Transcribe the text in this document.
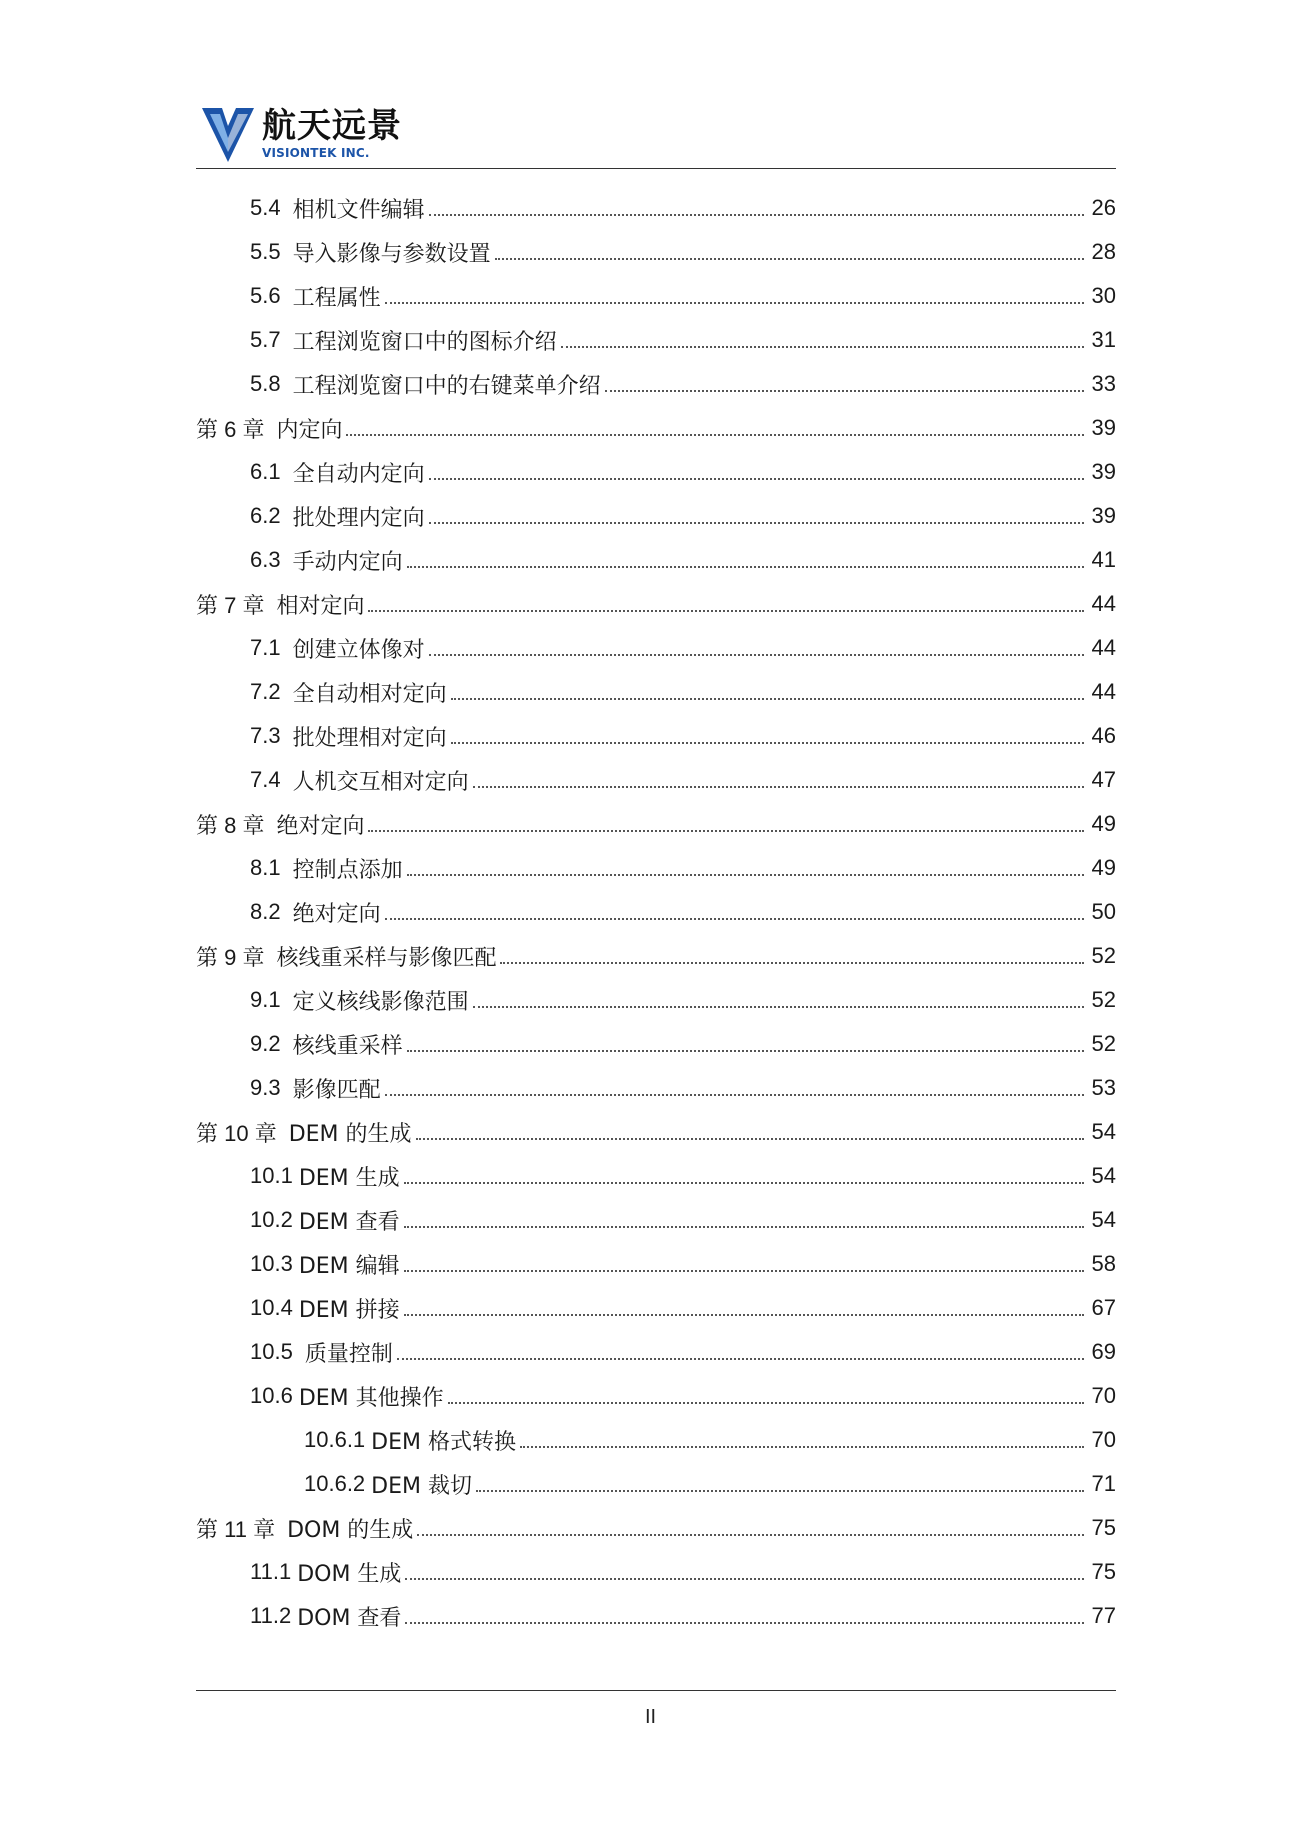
航天远景
VISIONTEK INC.
5.4 相机文件编辑	26
5.5 导入影像与参数设置	28
5.6 工程属性	30
5.7 工程浏览窗口中的图标介绍	31
5.8 工程浏览窗口中的右键菜单介绍	33
第 6 章 内定向	39
6.1 全自动内定向	39
6.2 批处理内定向	39
6.3 手动内定向	41
第 7 章 相对定向	44
7.1 创建立体像对	44
7.2 全自动相对定向	44
7.3 批处理相对定向	46
7.4 人机交互相对定向	47
第 8 章 绝对定向	49
8.1 控制点添加	49
8.2 绝对定向	50
第 9 章 核线重采样与影像匹配	52
9.1 定义核线影像范围	52
9.2 核线重采样	52
9.3 影像匹配	53
第 10 章 DEM 的生成	54
10.1 DEM 生成	54
10.2 DEM 查看	54
10.3 DEM 编辑	58
10.4 DEM 拼接	67
10.5 质量控制	69
10.6 DEM 其他操作	70
10.6.1 DEM 格式转换	70
10.6.2 DEM 裁切	71
第 11 章 DOM 的生成	75
11.1 DOM 生成	75
11.2 DOM 查看	77
II
